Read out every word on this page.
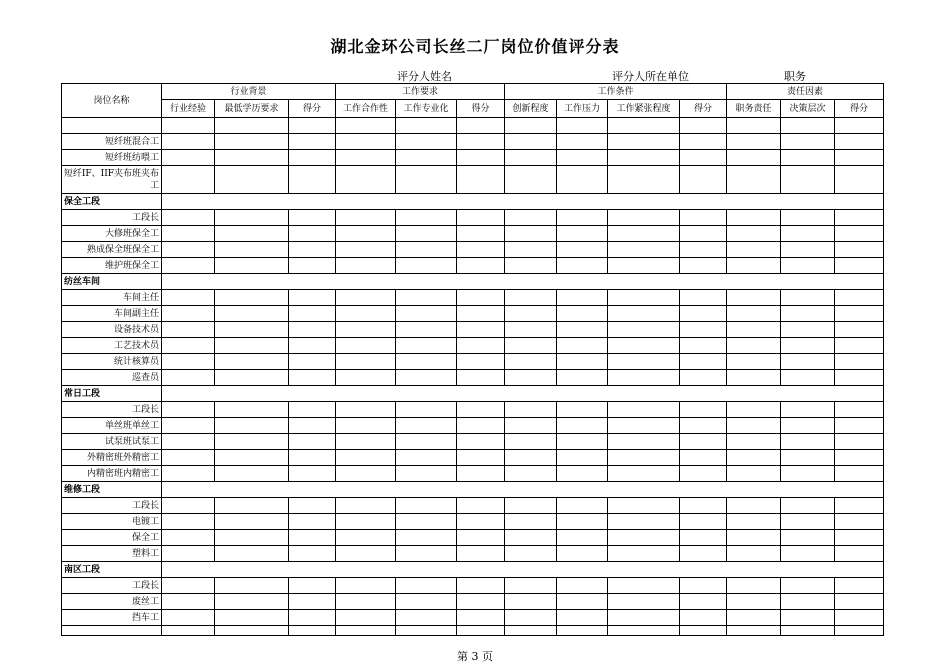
湖北金环公司长丝二厂岗位价值评分表
评分人姓名	评分人所在单位	职务
岗位名称	行业背景			工作要求			工作条件				责任因素		
	行业经验	最低学历要求	得分	工作合作性	工作专业化	得分	创新程度	工作压力	工作紧张程度	得分	职务责任	决策层次	得分

短纤班混合工													
短纤班纺喂工													
短纤IF、IIF夹布班夹布工													
保全工段													
工段长													
大修班保全工													
熟成保全班保全工													
维护班保全工													
纺丝车间													
车间主任													
车间副主任													
设备技术员													
工艺技术员													
统计核算员													
巡查员													
常日工段													
工段长													
单丝班单丝工													
试泵班试泵工													
外精密班外精密工													
内精密班内精密工													
维修工段													
工段长													
电镀工													
保全工													
塑料工													
南区工段													
工段长													
废丝工													
挡车工													

第 3 页
